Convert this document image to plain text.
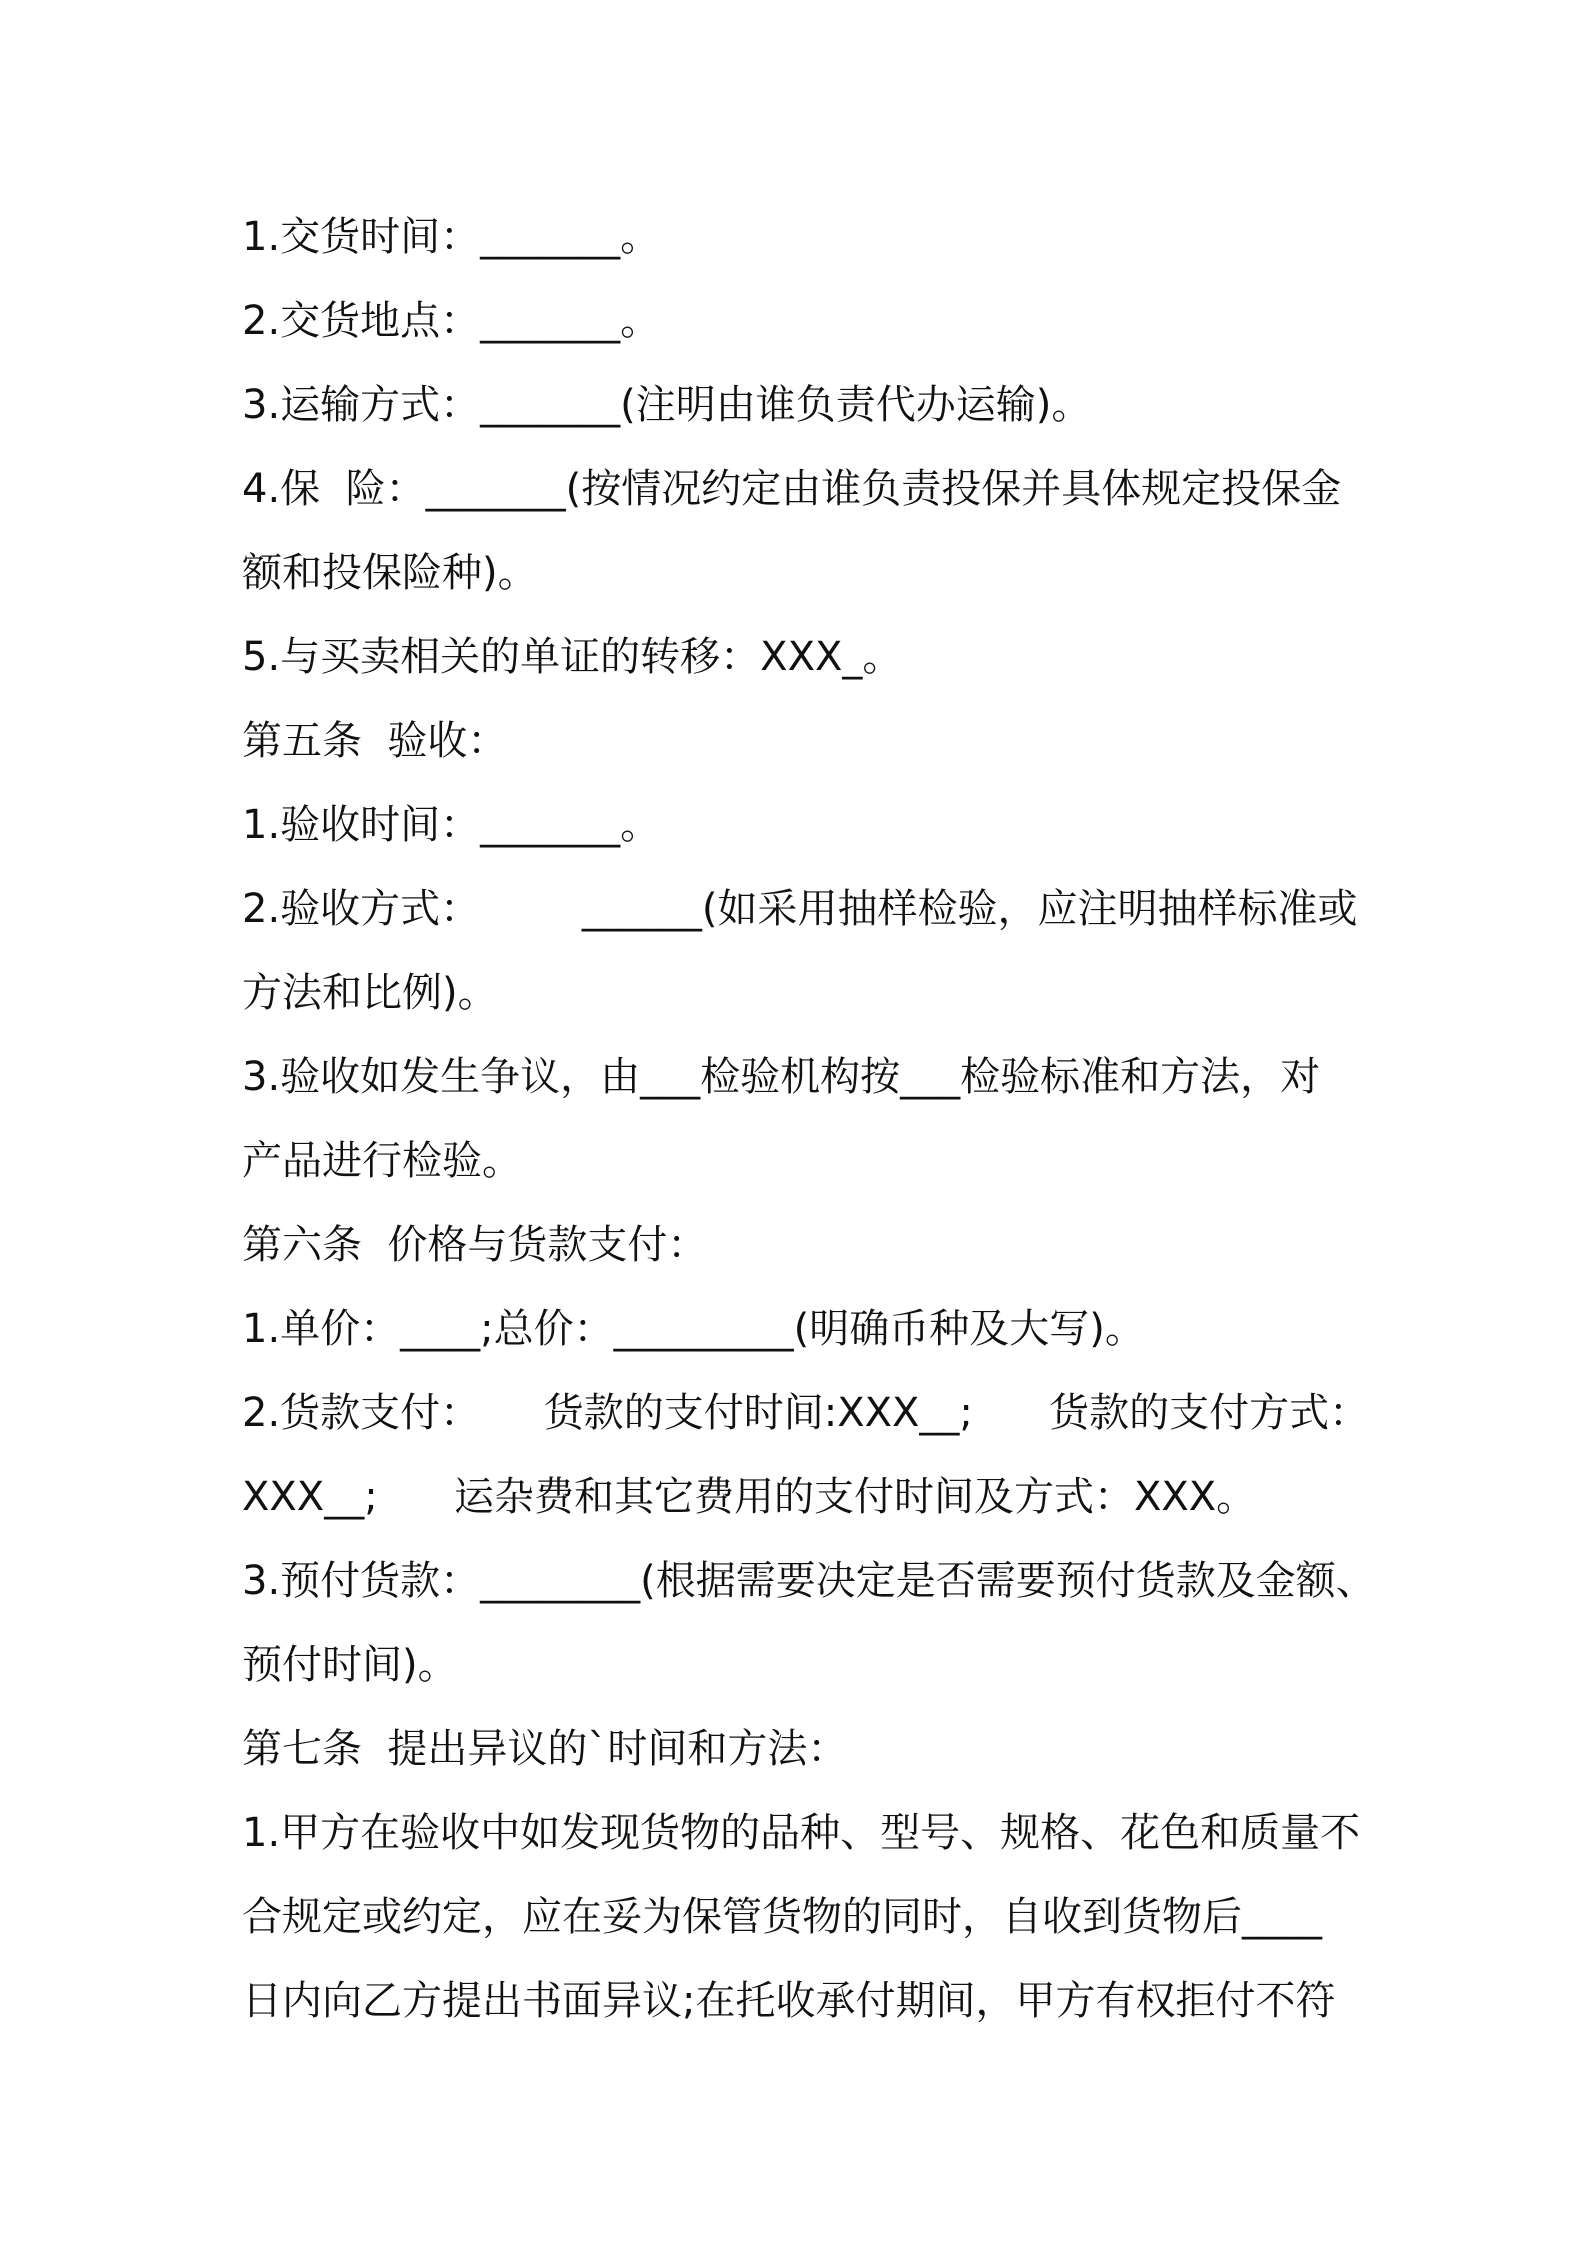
1.交货时间：_______。
2.交货地点：_______。
3.运输方式：_______(注明由谁负责代办运输)。
4.保  险：_______(按情况约定由谁负责投保并具体规定投保金
额和投保险种)。
5.与买卖相关的单证的转移：XXX_。
第五条  验收：
1.验收时间：_______。
2.验收方式：        ______(如采用抽样检验，应注明抽样标准或
方法和比例)。
3.验收如发生争议，由___检验机构按___检验标准和方法，对
产品进行检验。
第六条  价格与货款支付：
1.单价：____;总价：_________(明确币种及大写)。
2.货款支付：     货款的支付时间:XXX__;      货款的支付方式：
XXX__;      运杂费和其它费用的支付时间及方式：XXX。
3.预付货款：________(根据需要决定是否需要预付货款及金额、
预付时间)。
第七条  提出异议的`时间和方法：
1.甲方在验收中如发现货物的品种、型号、规格、花色和质量不
合规定或约定，应在妥为保管货物的同时，自收到货物后____
日内向乙方提出书面异议;在托收承付期间，甲方有权拒付不符
